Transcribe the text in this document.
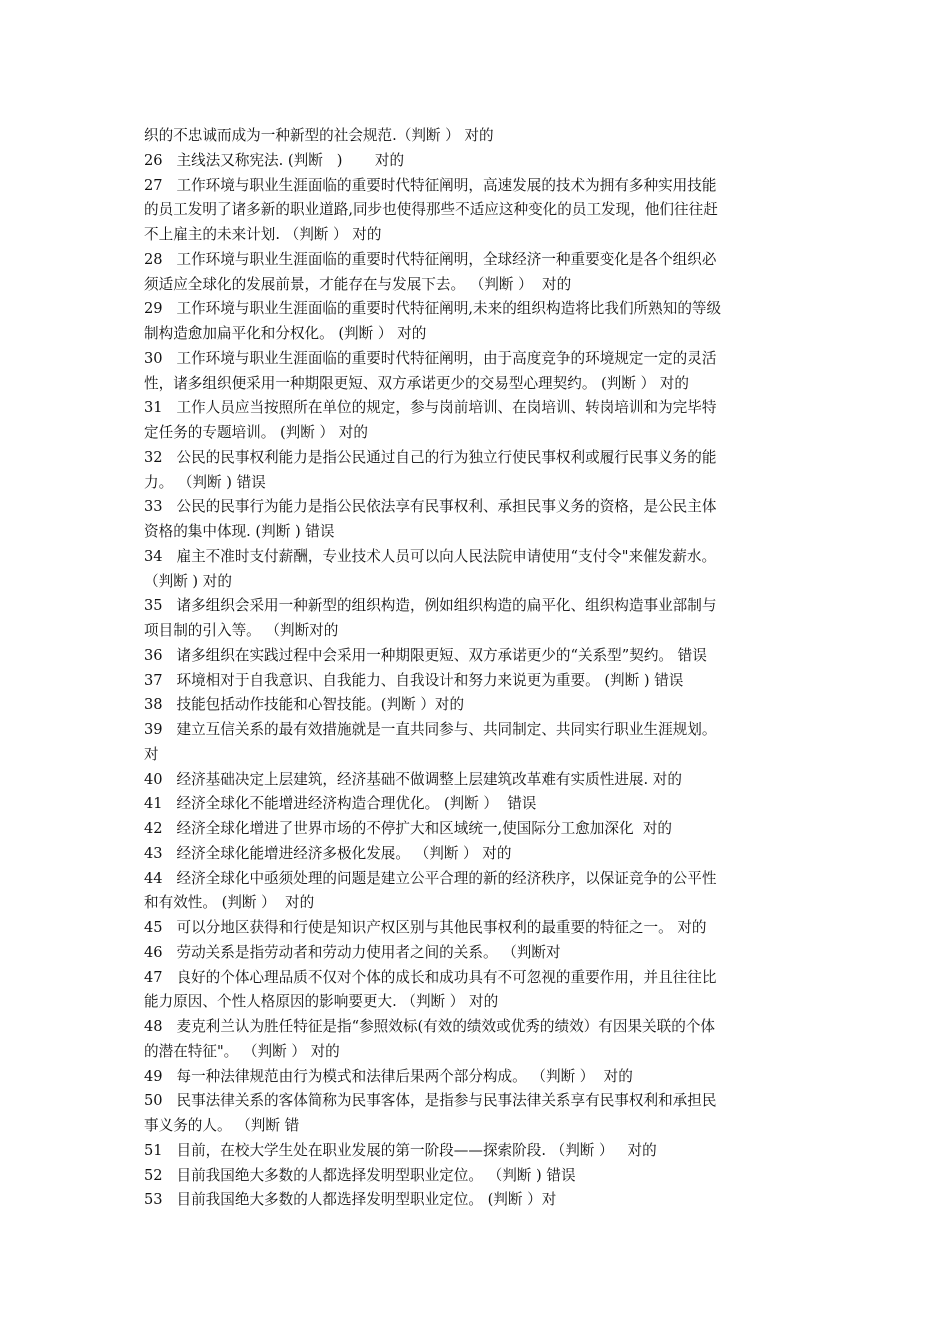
织的不忠诚而成为一种新型的社会规范.（判断 ） 对的
26   主线法又称宪法. (判断   )       对的
27   工作环境与职业生涯面临的重要时代特征阐明，高速发展的技术为拥有多种实用技能
的员工发明了诸多新的职业道路,同步也使得那些不适应这种变化的员工发现，他们往往赶
不上雇主的未来计划. （判断 ） 对的
28   工作环境与职业生涯面临的重要时代特征阐明，全球经济一种重要变化是各个组织必
须适应全球化的发展前景，才能存在与发展下去。 （判断 ）  对的
29   工作环境与职业生涯面临的重要时代特征阐明,未来的组织构造将比我们所熟知的等级
制构造愈加扁平化和分权化。 (判断 ） 对的
30   工作环境与职业生涯面临的重要时代特征阐明，由于高度竞争的环境规定一定的灵活
性，诸多组织便采用一种期限更短、双方承诺更少的交易型心理契约。 (判断 ） 对的
31   工作人员应当按照所在单位的规定，参与岗前培训、在岗培训、转岗培训和为完毕特
定任务的专题培训。 (判断 ） 对的
32   公民的民事权利能力是指公民通过自己的行为独立行使民事权利或履行民事义务的能
力。 （判断 ) 错误
33   公民的民事行为能力是指公民依法享有民事权利、承担民事义务的资格，是公民主体
资格的集中体现. (判断 ) 错误
34   雇主不准时支付薪酬，专业技术人员可以向人民法院申请使用“支付令"来催发薪水。
（判断 ) 对的
35   诸多组织会采用一种新型的组织构造，例如组织构造的扁平化、组织构造事业部制与
项目制的引入等。 （判断对的
36   诸多组织在实践过程中会采用一种期限更短、双方承诺更少的“关系型”契约。 错误
37   环境相对于自我意识、自我能力、自我设计和努力来说更为重要。 (判断 ) 错误
38   技能包括动作技能和心智技能。(判断 ）对的
39   建立互信关系的最有效措施就是一直共同参与、共同制定、共同实行职业生涯规划。
对
40   经济基础决定上层建筑，经济基础不做调整上层建筑改革难有实质性进展. 对的
41   经济全球化不能增进经济构造合理优化。 (判断 ）  错误
42   经济全球化增进了世界市场的不停扩大和区域统一,使国际分工愈加深化  对的
43   经济全球化能增进经济多极化发展。 （判断 ） 对的
44   经济全球化中亟须处理的问题是建立公平合理的新的经济秩序，以保证竞争的公平性
和有效性。 (判断 ）  对的
45   可以分地区获得和行使是知识产权区别与其他民事权利的最重要的特征之一。 对的
46   劳动关系是指劳动者和劳动力使用者之间的关系。 （判断对
47   良好的个体心理品质不仅对个体的成长和成功具有不可忽视的重要作用，并且往往比
能力原因、个性人格原因的影响要更大. （判断 ） 对的
48   麦克利兰认为胜任特征是指“参照效标(有效的绩效或优秀的绩效）有因果关联的个体
的潜在特征"。 （判断 ） 对的
49   每一种法律规范由行为模式和法律后果两个部分构成。 （判断 ）  对的
50   民事法律关系的客体简称为民事客体，是指参与民事法律关系享有民事权利和承担民
事义务的人。 （判断 错
51   目前，在校大学生处在职业发展的第一阶段——探索阶段. （判断 ）   对的
52   目前我国绝大多数的人都选择发明型职业定位。 （判断 ) 错误
53   目前我国绝大多数的人都选择发明型职业定位。 (判断 ）对
